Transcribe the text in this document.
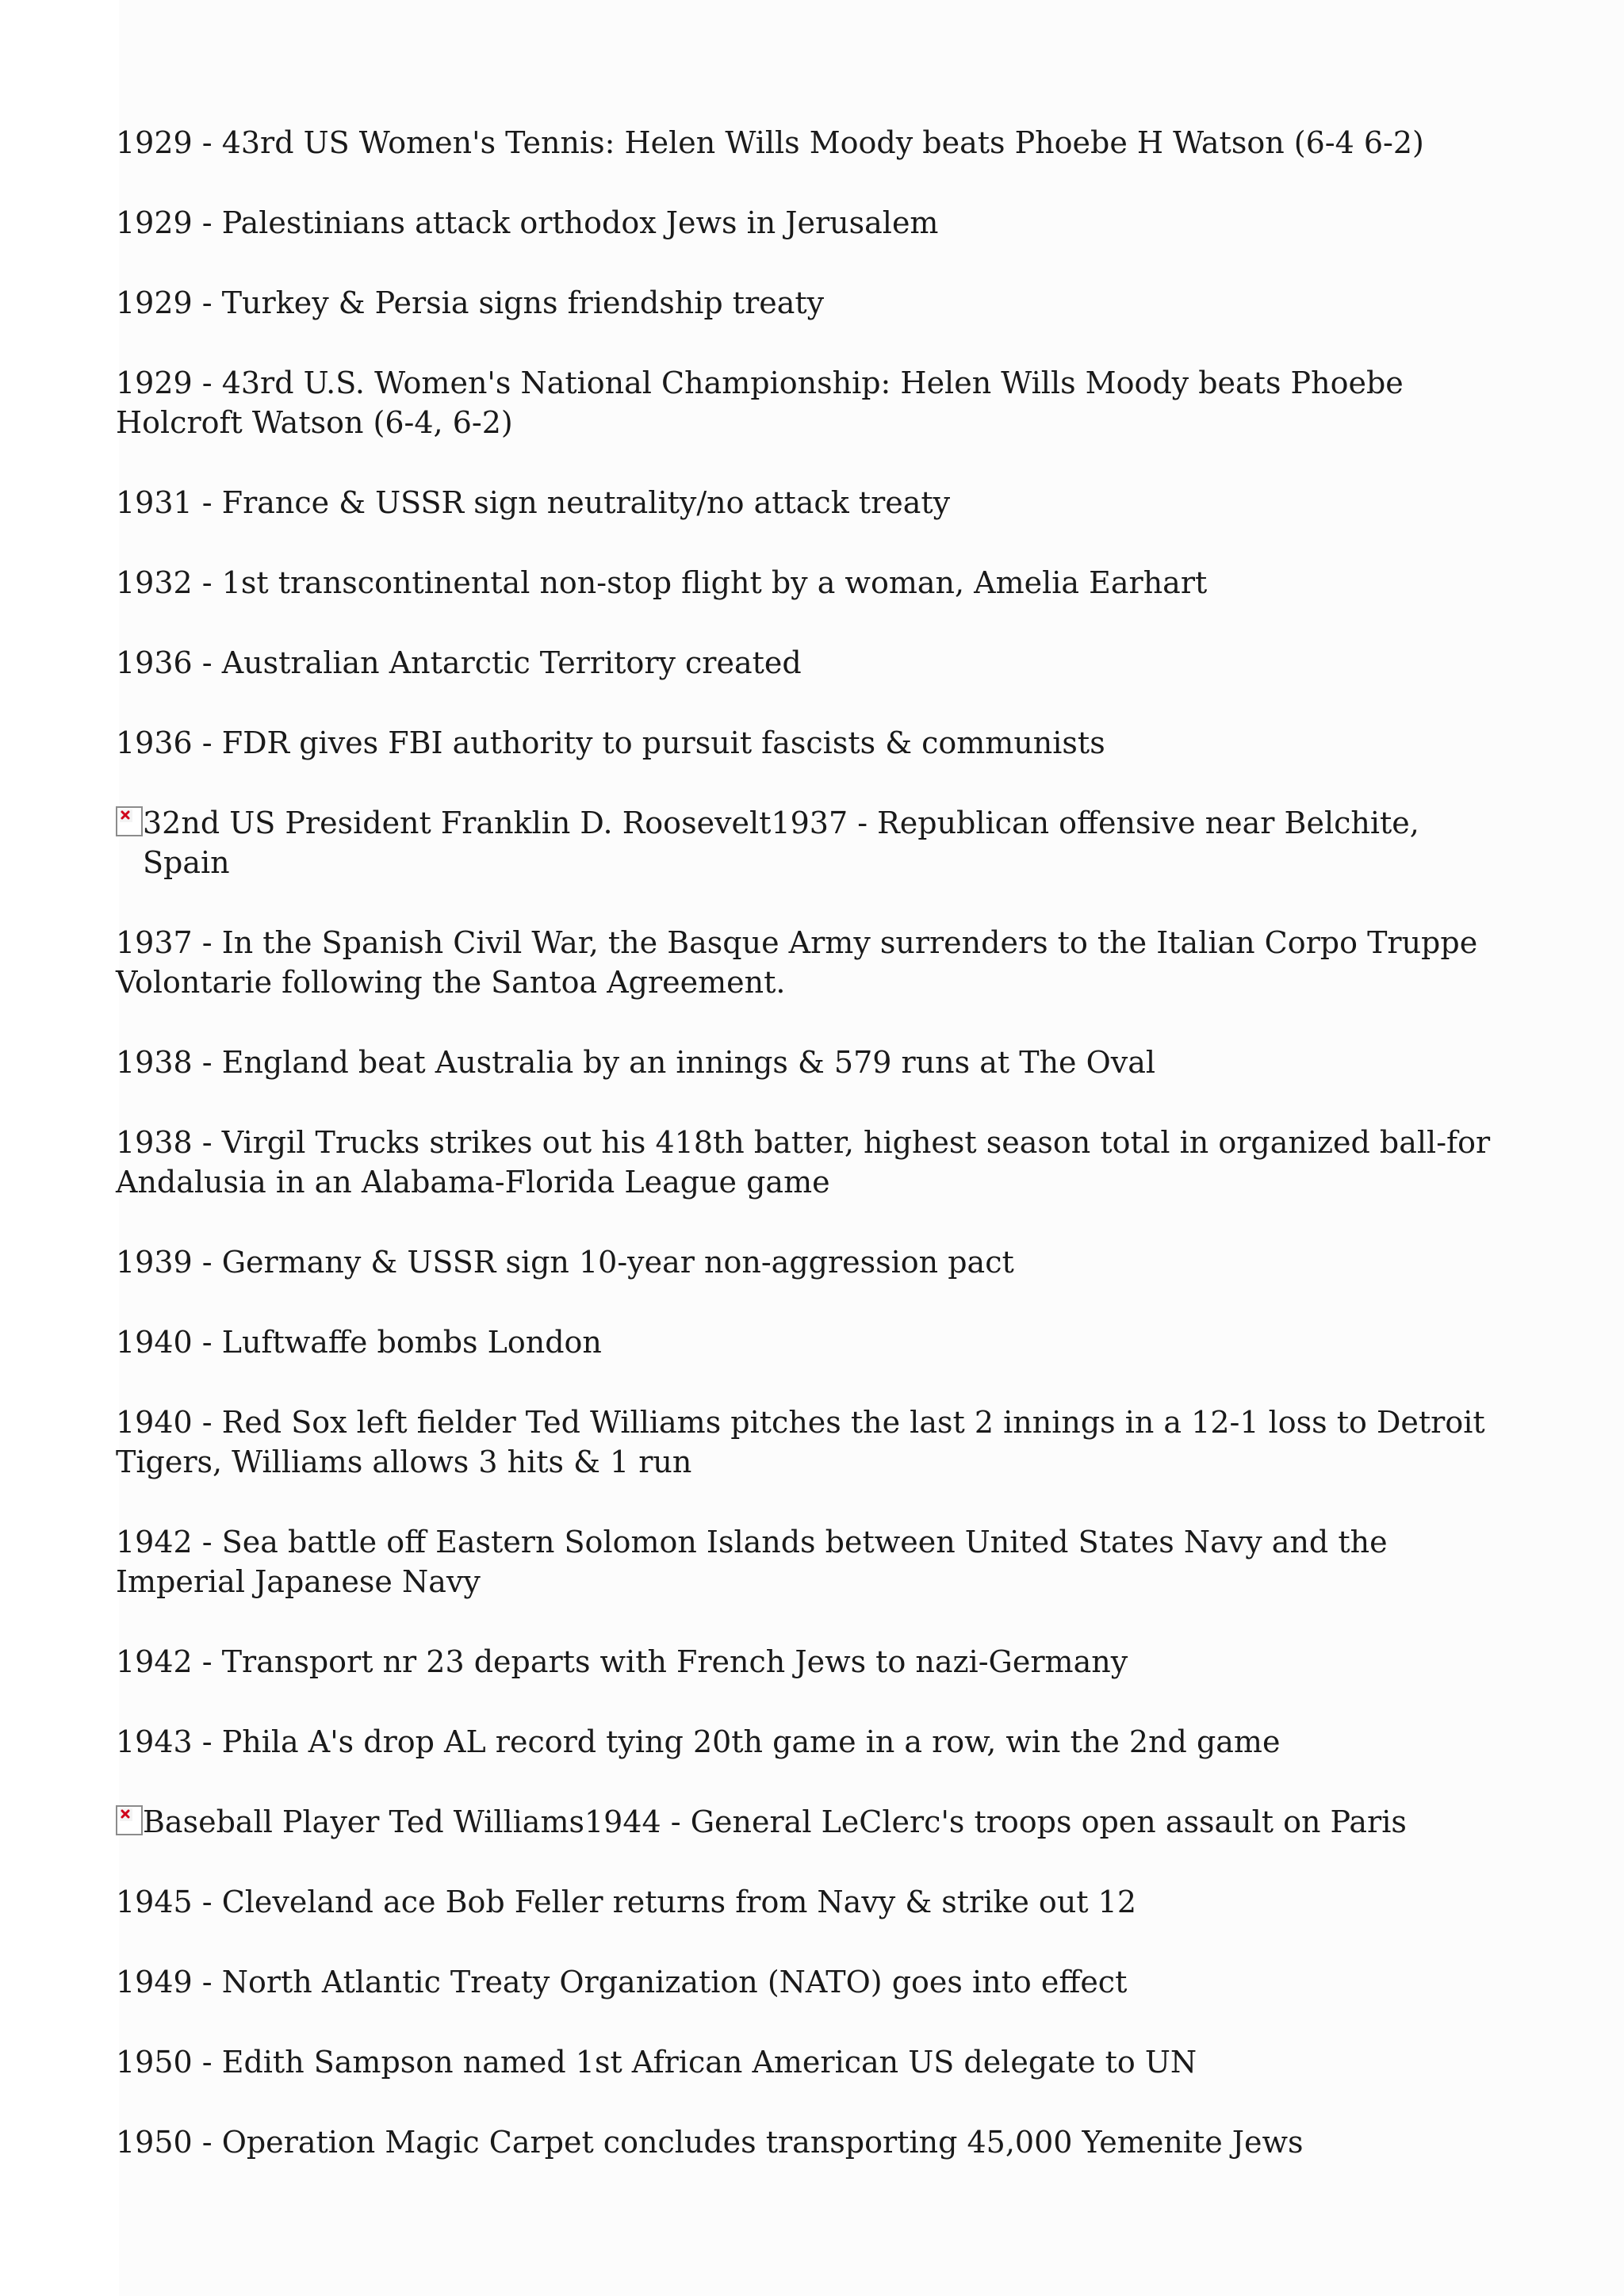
1929 - 43rd US Women's Tennis: Helen Wills Moody beats Phoebe H Watson (6-4 6-2)

1929 - Palestinians attack orthodox Jews in Jerusalem

1929 - Turkey & Persia signs friendship treaty

1929 - 43rd U.S. Women's National Championship: Helen Wills Moody beats Phoebe Holcroft Watson (6-4, 6-2)

1931 - France & USSR sign neutrality/no attack treaty

1932 - 1st transcontinental non-stop flight by a woman, Amelia Earhart

1936 - Australian Antarctic Territory created

1936 - FDR gives FBI authority to pursuit fascists & communists

32nd US President Franklin D. Roosevelt1937 - Republican offensive near Belchite, Spain

1937 - In the Spanish Civil War, the Basque Army surrenders to the Italian Corpo Truppe Volontarie following the Santoa Agreement.

1938 - England beat Australia by an innings & 579 runs at The Oval

1938 - Virgil Trucks strikes out his 418th batter, highest season total in organized ball-for Andalusia in an Alabama-Florida League game

1939 - Germany & USSR sign 10-year non-aggression pact

1940 - Luftwaffe bombs London

1940 - Red Sox left fielder Ted Williams pitches the last 2 innings in a 12-1 loss to Detroit Tigers, Williams allows 3 hits & 1 run

1942 - Sea battle off Eastern Solomon Islands between United States Navy and the Imperial Japanese Navy

1942 - Transport nr 23 departs with French Jews to nazi-Germany

1943 - Phila A's drop AL record tying 20th game in a row, win the 2nd game

Baseball Player Ted Williams1944 - General LeClerc's troops open assault on Paris

1945 - Cleveland ace Bob Feller returns from Navy & strike out 12

1949 - North Atlantic Treaty Organization (NATO) goes into effect

1950 - Edith Sampson named 1st African American US delegate to UN

1950 - Operation Magic Carpet concludes transporting 45,000 Yemenite Jews
